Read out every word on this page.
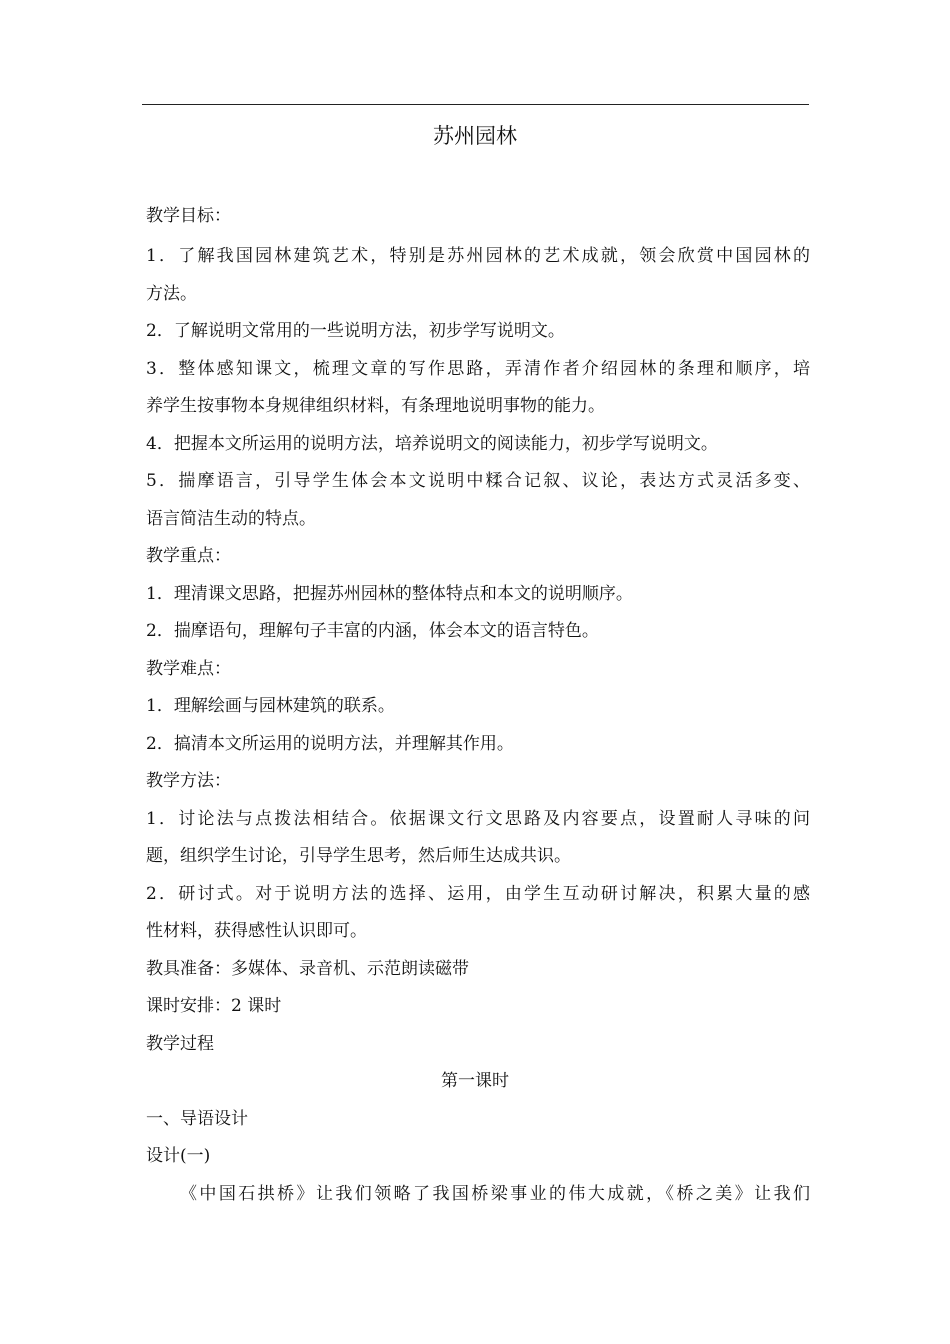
苏州园林
教学目标：
1．了解我国园林建筑艺术，特别是苏州园林的艺术成就，领会欣赏中国园林的
方法。
2．了解说明文常用的一些说明方法，初步学写说明文。
3．整体感知课文，梳理文章的写作思路，弄清作者介绍园林的条理和顺序，培
养学生按事物本身规律组织材料，有条理地说明事物的能力。
4．把握本文所运用的说明方法，培养说明文的阅读能力，初步学写说明文。
5．揣摩语言，引导学生体会本文说明中糅合记叙、议论，表达方式灵活多变、
语言简洁生动的特点。
教学重点：
1．理清课文思路，把握苏州园林的整体特点和本文的说明顺序。
2．揣摩语句，理解句子丰富的内涵，体会本文的语言特色。
教学难点：
1．理解绘画与园林建筑的联系。
2．搞清本文所运用的说明方法，并理解其作用。
教学方法：
1．讨论法与点拨法相结合。依据课文行文思路及内容要点，设置耐人寻味的问
题，组织学生讨论，引导学生思考，然后师生达成共识。
2．研讨式。对于说明方法的选择、运用，由学生互动研讨解决，积累大量的感
性材料，获得感性认识即可。
教具准备：多媒体、录音机、示范朗读磁带
课时安排：2 课时
教学过程
第一课时
一、导语设计
设计(一)
《中国石拱桥》让我们领略了我国桥梁事业的伟大成就，《桥之美》让我们
